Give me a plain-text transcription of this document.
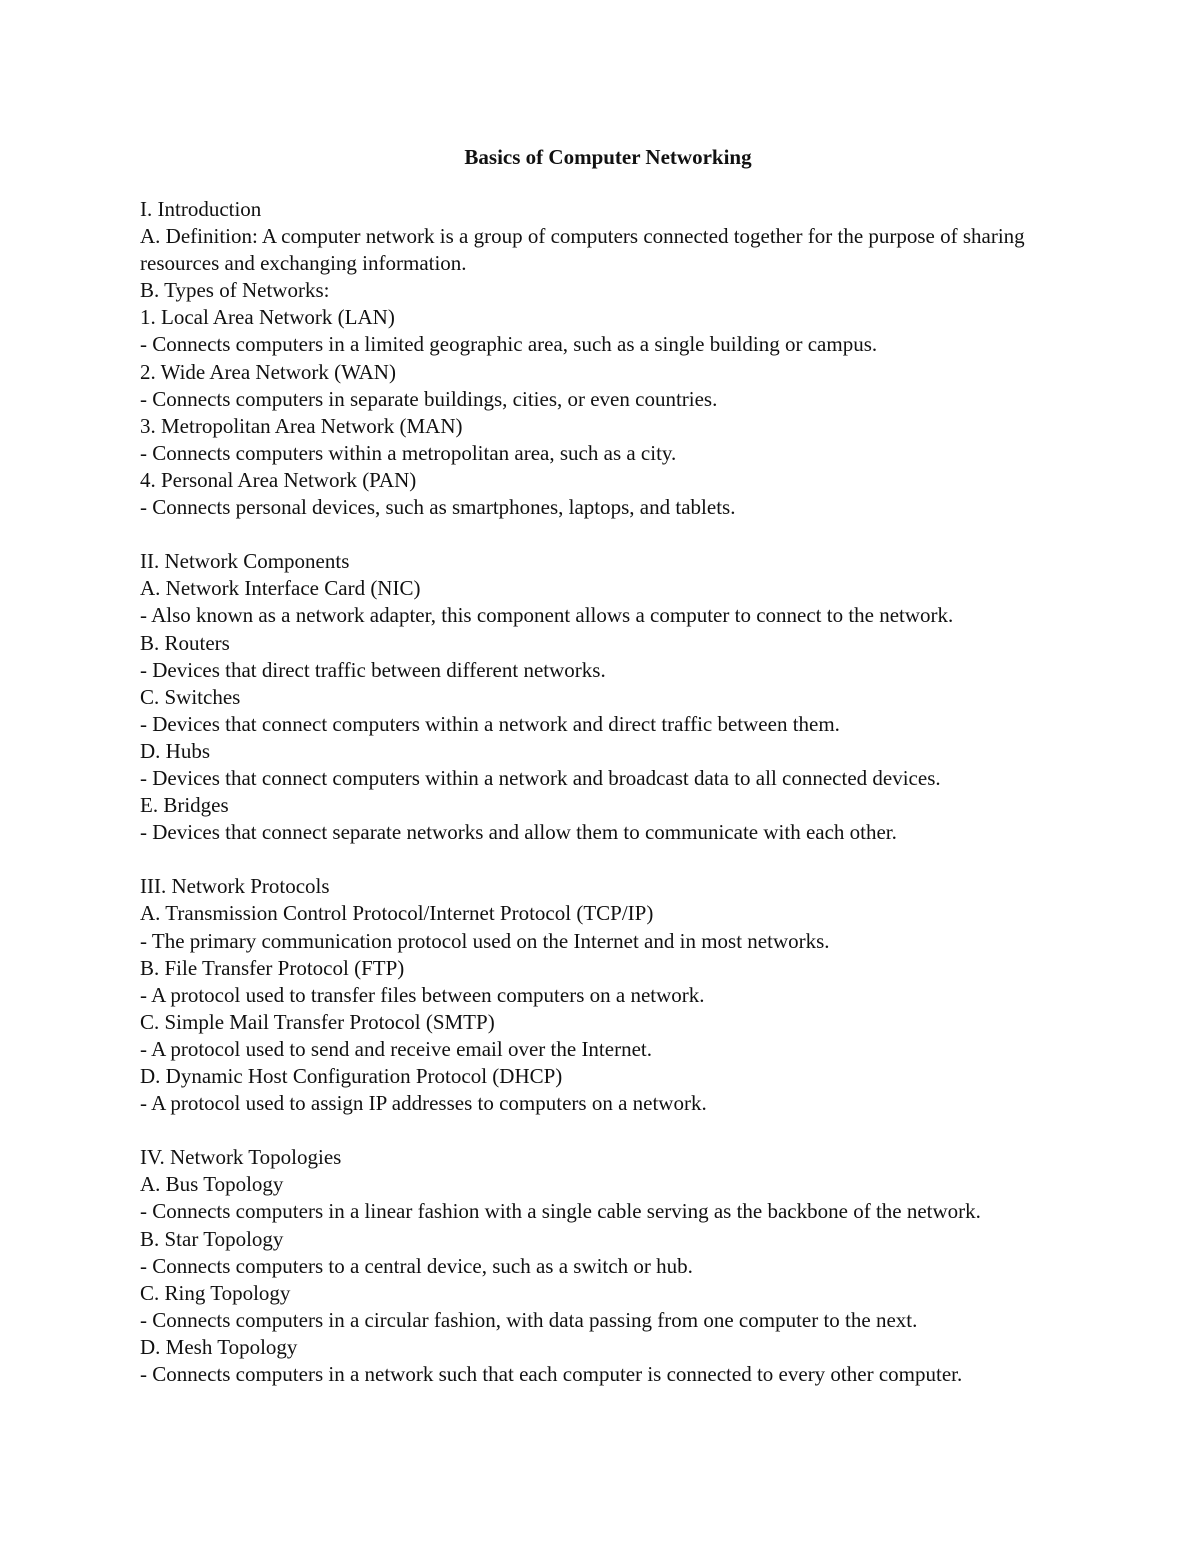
Basics of Computer Networking
I. Introduction
A. Definition: A computer network is a group of computers connected together for the purpose of sharing resources and exchanging information.
B. Types of Networks:
1. Local Area Network (LAN)
- Connects computers in a limited geographic area, such as a single building or campus.
2. Wide Area Network (WAN)
- Connects computers in separate buildings, cities, or even countries.
3. Metropolitan Area Network (MAN)
- Connects computers within a metropolitan area, such as a city.
4. Personal Area Network (PAN)
- Connects personal devices, such as smartphones, laptops, and tablets.
II. Network Components
A. Network Interface Card (NIC)
- Also known as a network adapter, this component allows a computer to connect to the network.
B. Routers
- Devices that direct traffic between different networks.
C. Switches
- Devices that connect computers within a network and direct traffic between them.
D. Hubs
- Devices that connect computers within a network and broadcast data to all connected devices.
E. Bridges
- Devices that connect separate networks and allow them to communicate with each other.
III. Network Protocols
A. Transmission Control Protocol/Internet Protocol (TCP/IP)
- The primary communication protocol used on the Internet and in most networks.
B. File Transfer Protocol (FTP)
- A protocol used to transfer files between computers on a network.
C. Simple Mail Transfer Protocol (SMTP)
- A protocol used to send and receive email over the Internet.
D. Dynamic Host Configuration Protocol (DHCP)
- A protocol used to assign IP addresses to computers on a network.
IV. Network Topologies
A. Bus Topology
- Connects computers in a linear fashion with a single cable serving as the backbone of the network.
B. Star Topology
- Connects computers to a central device, such as a switch or hub.
C. Ring Topology
- Connects computers in a circular fashion, with data passing from one computer to the next.
D. Mesh Topology
- Connects computers in a network such that each computer is connected to every other computer.
